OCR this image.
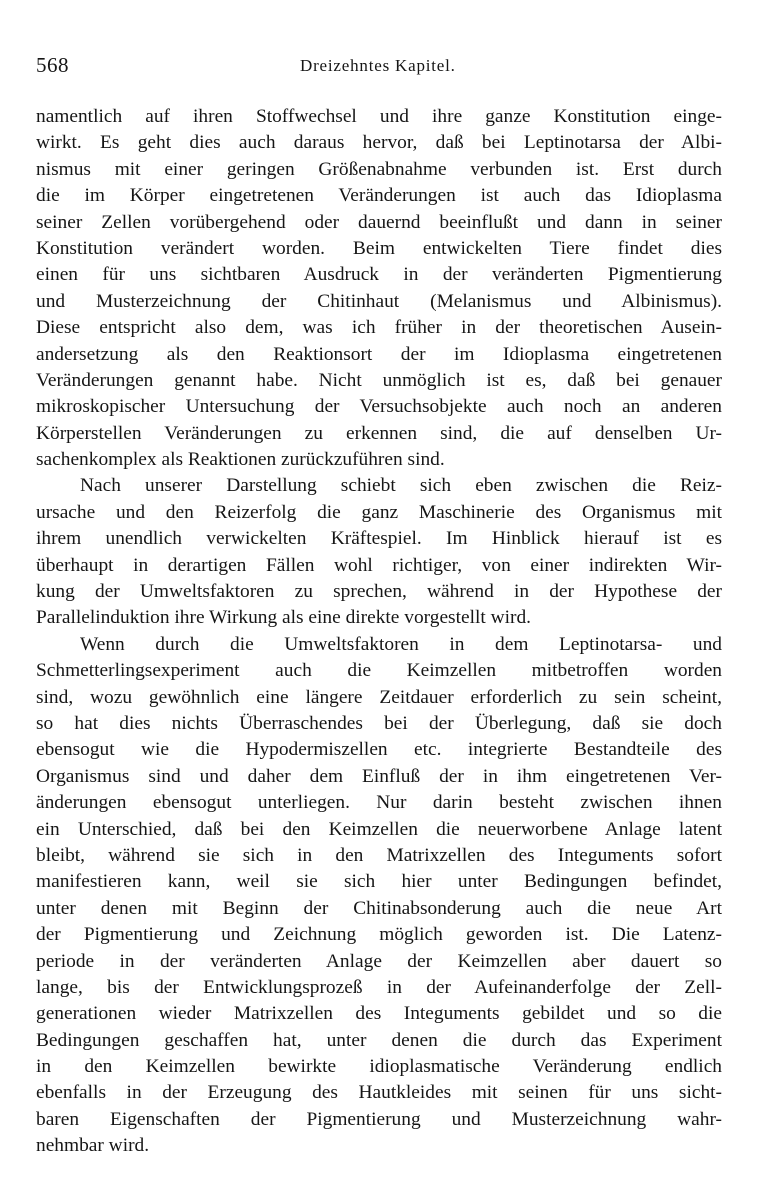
568	Dreizehntes Kapitel.
namentlich auf ihren Stoffwechsel und ihre ganze Konstitution einge-
wirkt. Es geht dies auch daraus hervor, daß bei Leptinotarsa der Albi-
nismus mit einer geringen Größenabnahme verbunden ist. Erst durch
die im Körper eingetretenen Veränderungen ist auch das Idioplasma
seiner Zellen vorübergehend oder dauernd beeinflußt und dann in seiner
Konstitution verändert worden. Beim entwickelten Tiere findet dies
einen für uns sichtbaren Ausdruck in der veränderten Pigmentierung
und Musterzeichnung der Chitinhaut (Melanismus und Albinismus).
Diese entspricht also dem, was ich früher in der theoretischen Ausein-
andersetzung als den Reaktionsort der im Idioplasma eingetretenen
Veränderungen genannt habe. Nicht unmöglich ist es, daß bei genauer
mikroskopischer Untersuchung der Versuchsobjekte auch noch an anderen
Körperstellen Veränderungen zu erkennen sind, die auf denselben Ur-
sachenkomplex als Reaktionen zurückzuführen sind.
Nach unserer Darstellung schiebt sich eben zwischen die Reiz-
ursache und den Reizerfolg die ganz Maschinerie des Organismus mit
ihrem unendlich verwickelten Kräftespiel. Im Hinblick hierauf ist es
überhaupt in derartigen Fällen wohl richtiger, von einer indirekten Wir-
kung der Umweltsfaktoren zu sprechen, während in der Hypothese der
Parallelinduktion ihre Wirkung als eine direkte vorgestellt wird.
Wenn durch die Umweltsfaktoren in dem Leptinotarsa- und
Schmetterlingsexperiment auch die Keimzellen mitbetroffen worden
sind, wozu gewöhnlich eine längere Zeitdauer erforderlich zu sein scheint,
so hat dies nichts Überraschendes bei der Überlegung, daß sie doch
ebensogut wie die Hypodermiszellen etc. integrierte Bestandteile des
Organismus sind und daher dem Einfluß der in ihm eingetretenen Ver-
änderungen ebensogut unterliegen. Nur darin besteht zwischen ihnen
ein Unterschied, daß bei den Keimzellen die neuerworbene Anlage latent
bleibt, während sie sich in den Matrixzellen des Integuments sofort
manifestieren kann, weil sie sich hier unter Bedingungen befindet,
unter denen mit Beginn der Chitinabsonderung auch die neue Art
der Pigmentierung und Zeichnung möglich geworden ist. Die Latenz-
periode in der veränderten Anlage der Keimzellen aber dauert so
lange, bis der Entwicklungsprozeß in der Aufeinanderfolge der Zell-
generationen wieder Matrixzellen des Integuments gebildet und so die
Bedingungen geschaffen hat, unter denen die durch das Experiment
in den Keimzellen bewirkte idioplasmatische Veränderung endlich
ebenfalls in der Erzeugung des Hautkleides mit seinen für uns sicht-
baren Eigenschaften der Pigmentierung und Musterzeichnung wahr-
nehmbar wird.
